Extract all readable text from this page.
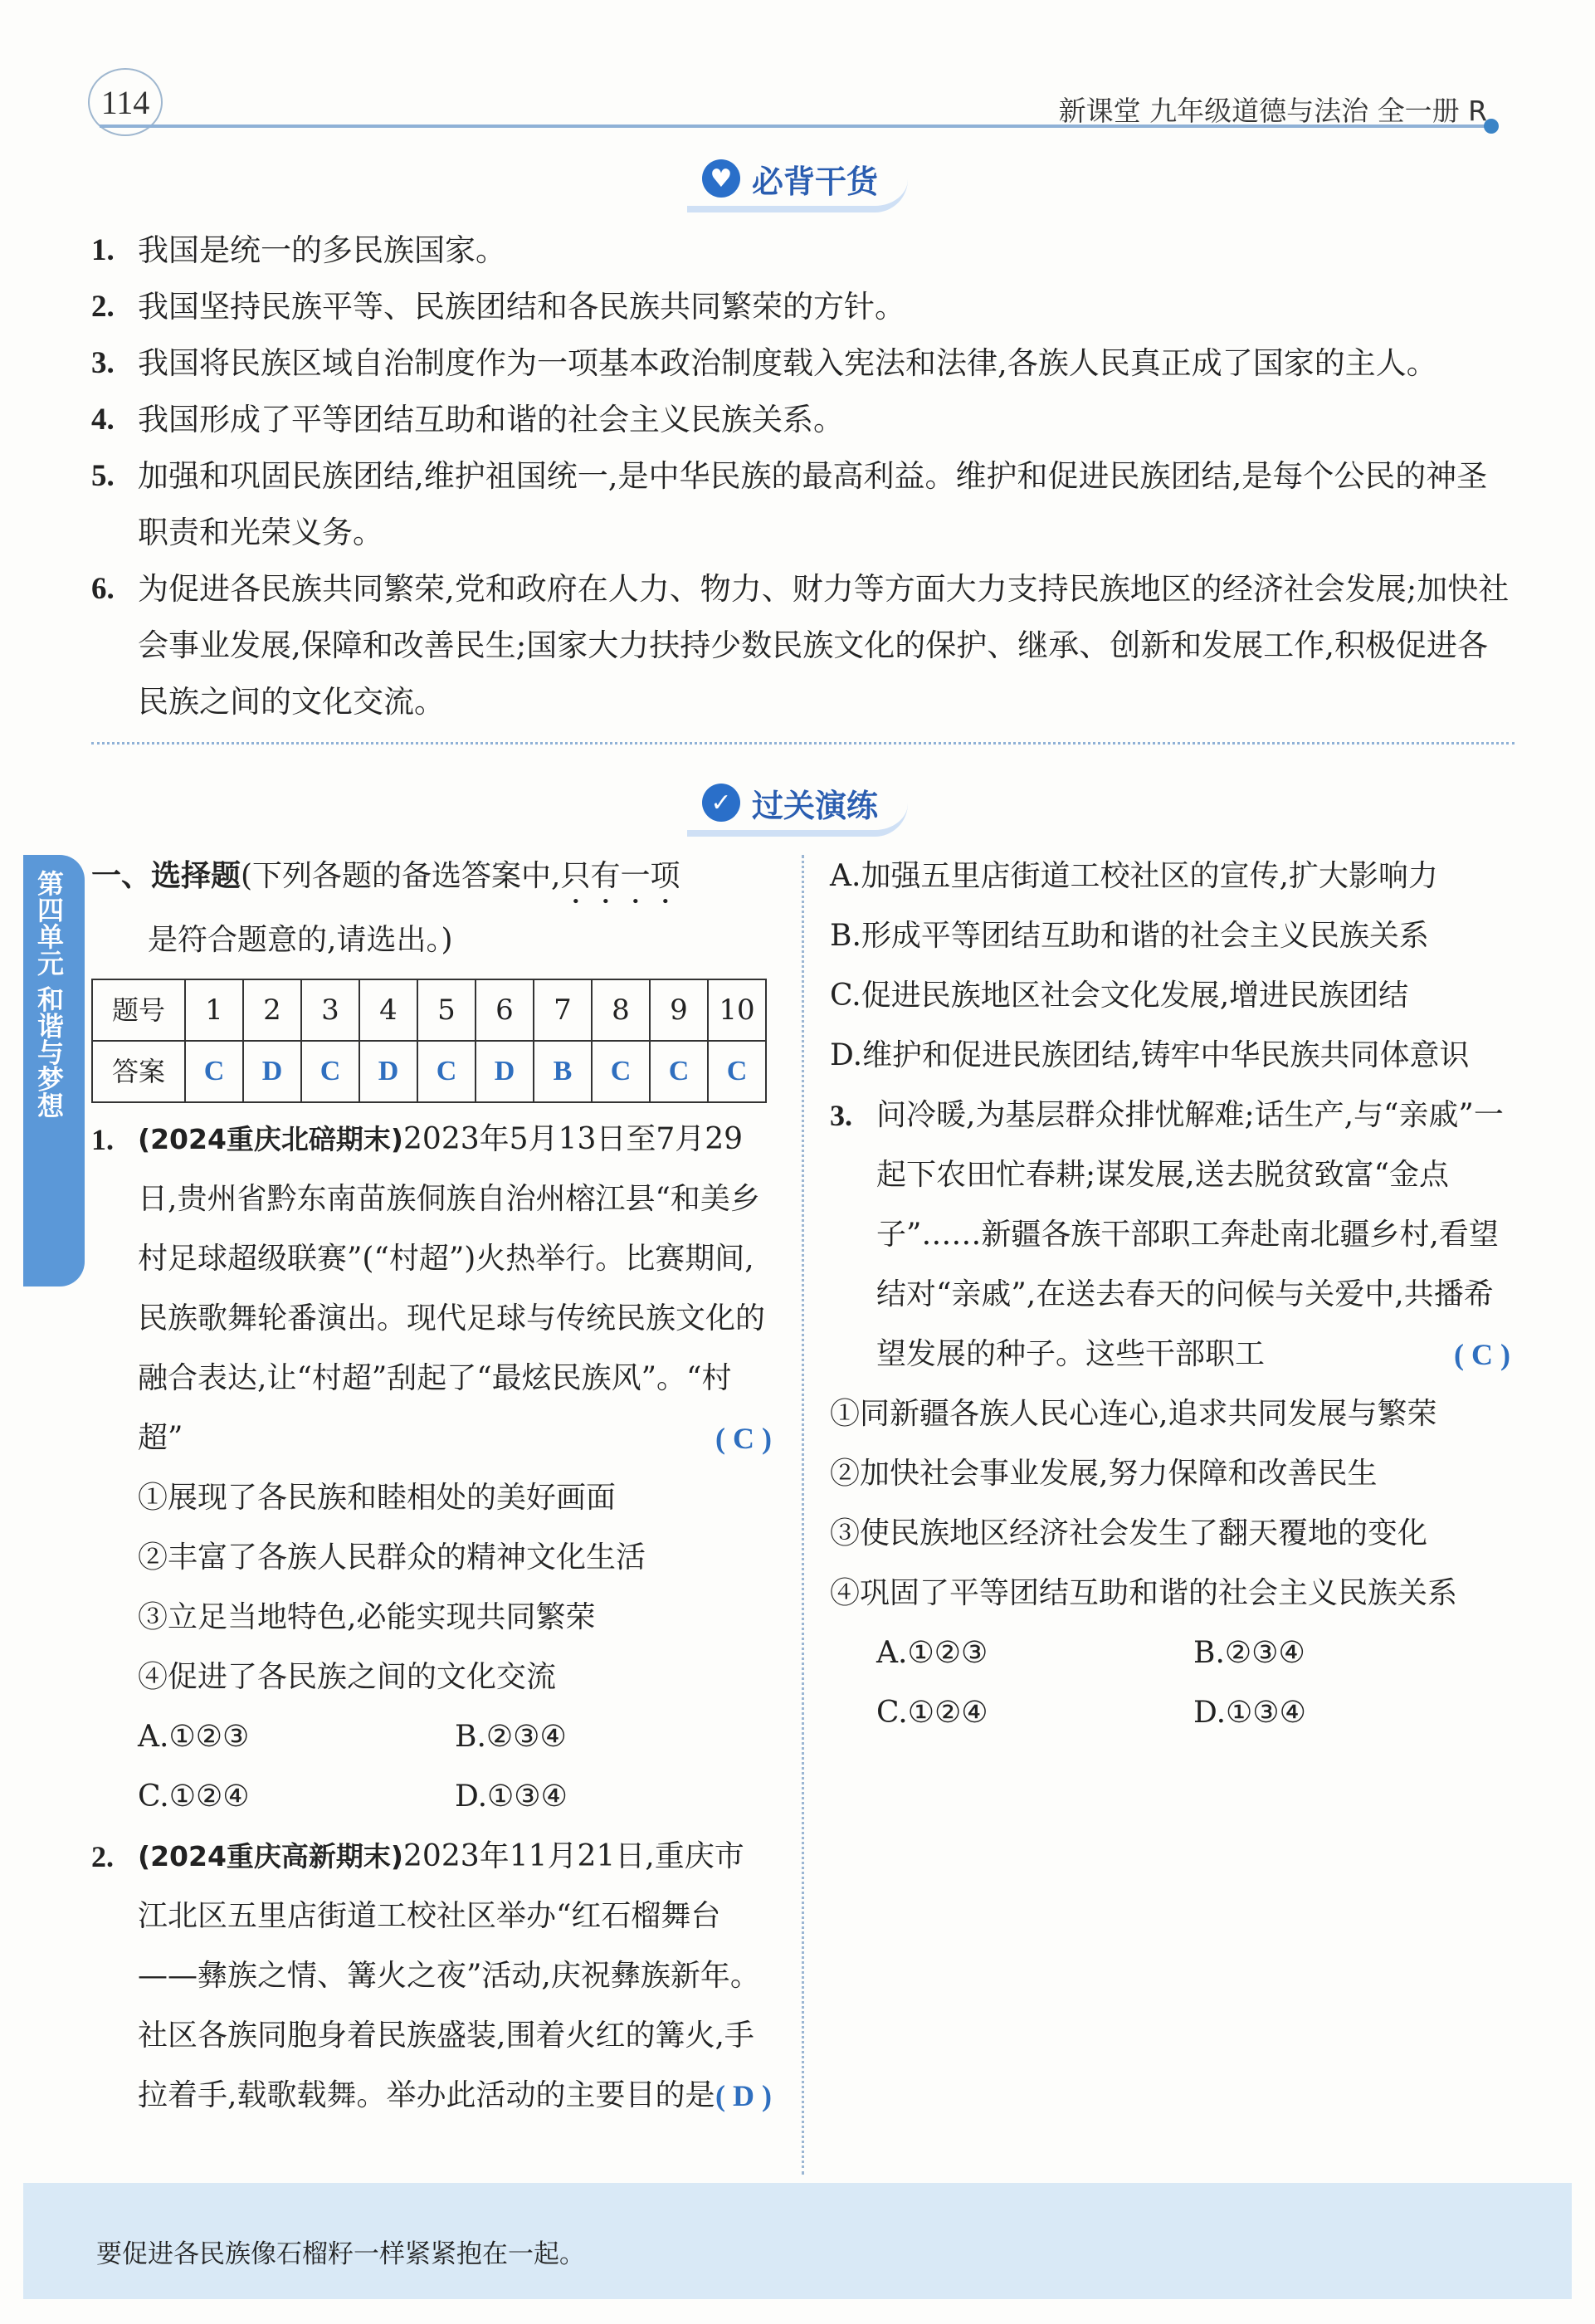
114	新课堂 九年级道德与法治 全一册 R
♥ 必背干货
1. 我国是统一的多民族国家。
2. 我国坚持民族平等、民族团结和各民族共同繁荣的方针。
3. 我国将民族区域自治制度作为一项基本政治制度载入宪法和法律,各族人民真正成了国家的主人。
4. 我国形成了平等团结互助和谐的社会主义民族关系。
5. 加强和巩固民族团结,维护祖国统一,是中华民族的最高利益。维护和促进民族团结,是每个公民的神圣职责和光荣义务。
6. 为促进各民族共同繁荣,党和政府在人力、物力、财力等方面大力支持民族地区的经济社会发展;加快社会事业发展,保障和改善民生;国家大力扶持少数民族文化的保护、继承、创新和发展工作,积极促进各民族之间的文化交流。
✓ 过关演练
第四单元 和谐与梦想 一、选择题(下列各题的备选答案中,只有一项
是符合题意的,请选出。)
题号	1	2	3	4	5	6	7	8	9	10
答案	C	D	C	D	C	D	B	C	C	C
1. (2024重庆北碚期末)2023年5月13日至7月29日,贵州省黔东南苗族侗族自治州榕江县“和美乡村足球超级联赛”(“村超”)火热举行。比赛期间,民族歌舞轮番演出。现代足球与传统民族文化的融合表达,让“村超”刮起了“最炫民族风”。“村超”	( C )
①展现了各民族和睦相处的美好画面
②丰富了各族人民群众的精神文化生活
③立足当地特色,必能实现共同繁荣
④促进了各民族之间的文化交流
A.①②③	B.②③④
C.①②④	D.①③④
2. (2024重庆高新期末)2023年11月21日,重庆市江北区五里店街道工校社区举办“红石榴舞台——彝族之情、篝火之夜”活动,庆祝彝族新年。社区各族同胞身着民族盛装,围着火红的篝火,手拉着手,载歌载舞。举办此活动的主要目的是 ( D )
A.加强五里店街道工校社区的宣传,扩大影响力
B.形成平等团结互助和谐的社会主义民族关系
C.促进民族地区社会文化发展,增进民族团结
D.维护和促进民族团结,铸牢中华民族共同体意识
3. 问冷暖,为基层群众排忧解难;话生产,与“亲戚”一起下农田忙春耕;谋发展,送去脱贫致富“金点子”……新疆各族干部职工奔赴南北疆乡村,看望结对“亲戚”,在送去春天的问候与关爱中,共播希望发展的种子。这些干部职工	( C )
①同新疆各族人民心连心,追求共同发展与繁荣
②加快社会事业发展,努力保障和改善民生
③使民族地区经济社会发生了翻天覆地的变化
④巩固了平等团结互助和谐的社会主义民族关系
A.①②③	B.②③④
C.①②④	D.①③④
要促进各民族像石榴籽一样紧紧抱在一起。
